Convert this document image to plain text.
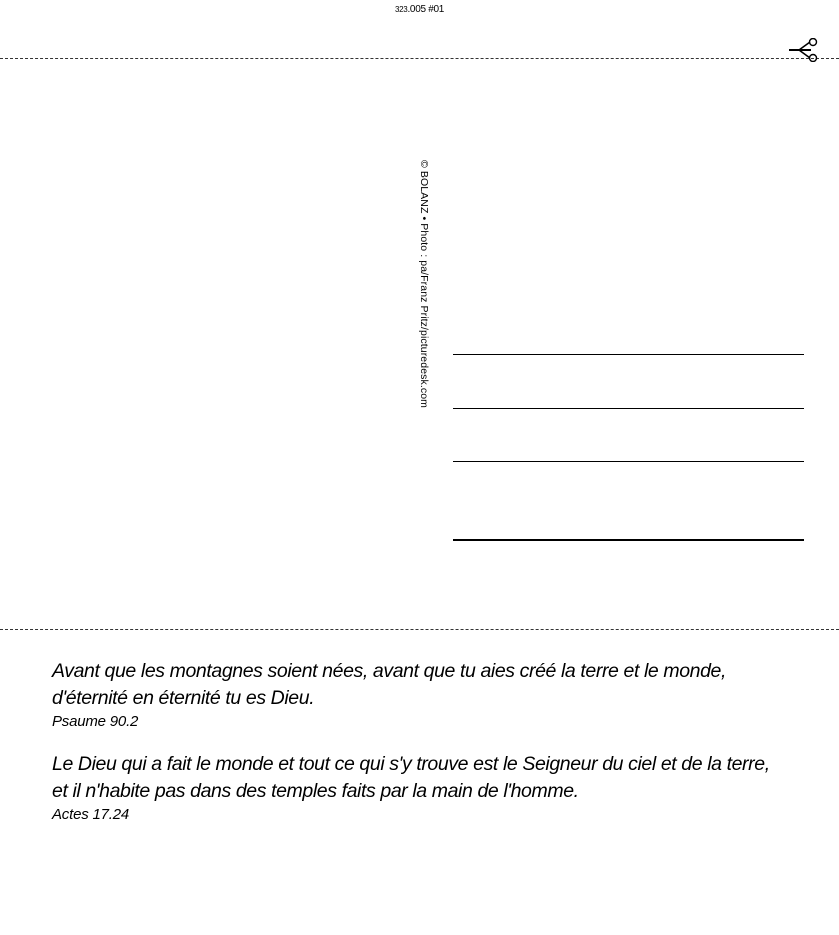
323.005 #01
© BOLANZ • Photo : pa/Franz Pritz/picturedesk.com
Avant que les montagnes soient nées, avant que tu aies créé la terre et le monde,
d'éternité en éternité tu es Dieu.
Psaume 90.2
Le Dieu qui a fait le monde et tout ce qui s'y trouve est le Seigneur du ciel et de la terre,
et il n'habite pas dans des temples faits par la main de l'homme.
Actes 17.24
